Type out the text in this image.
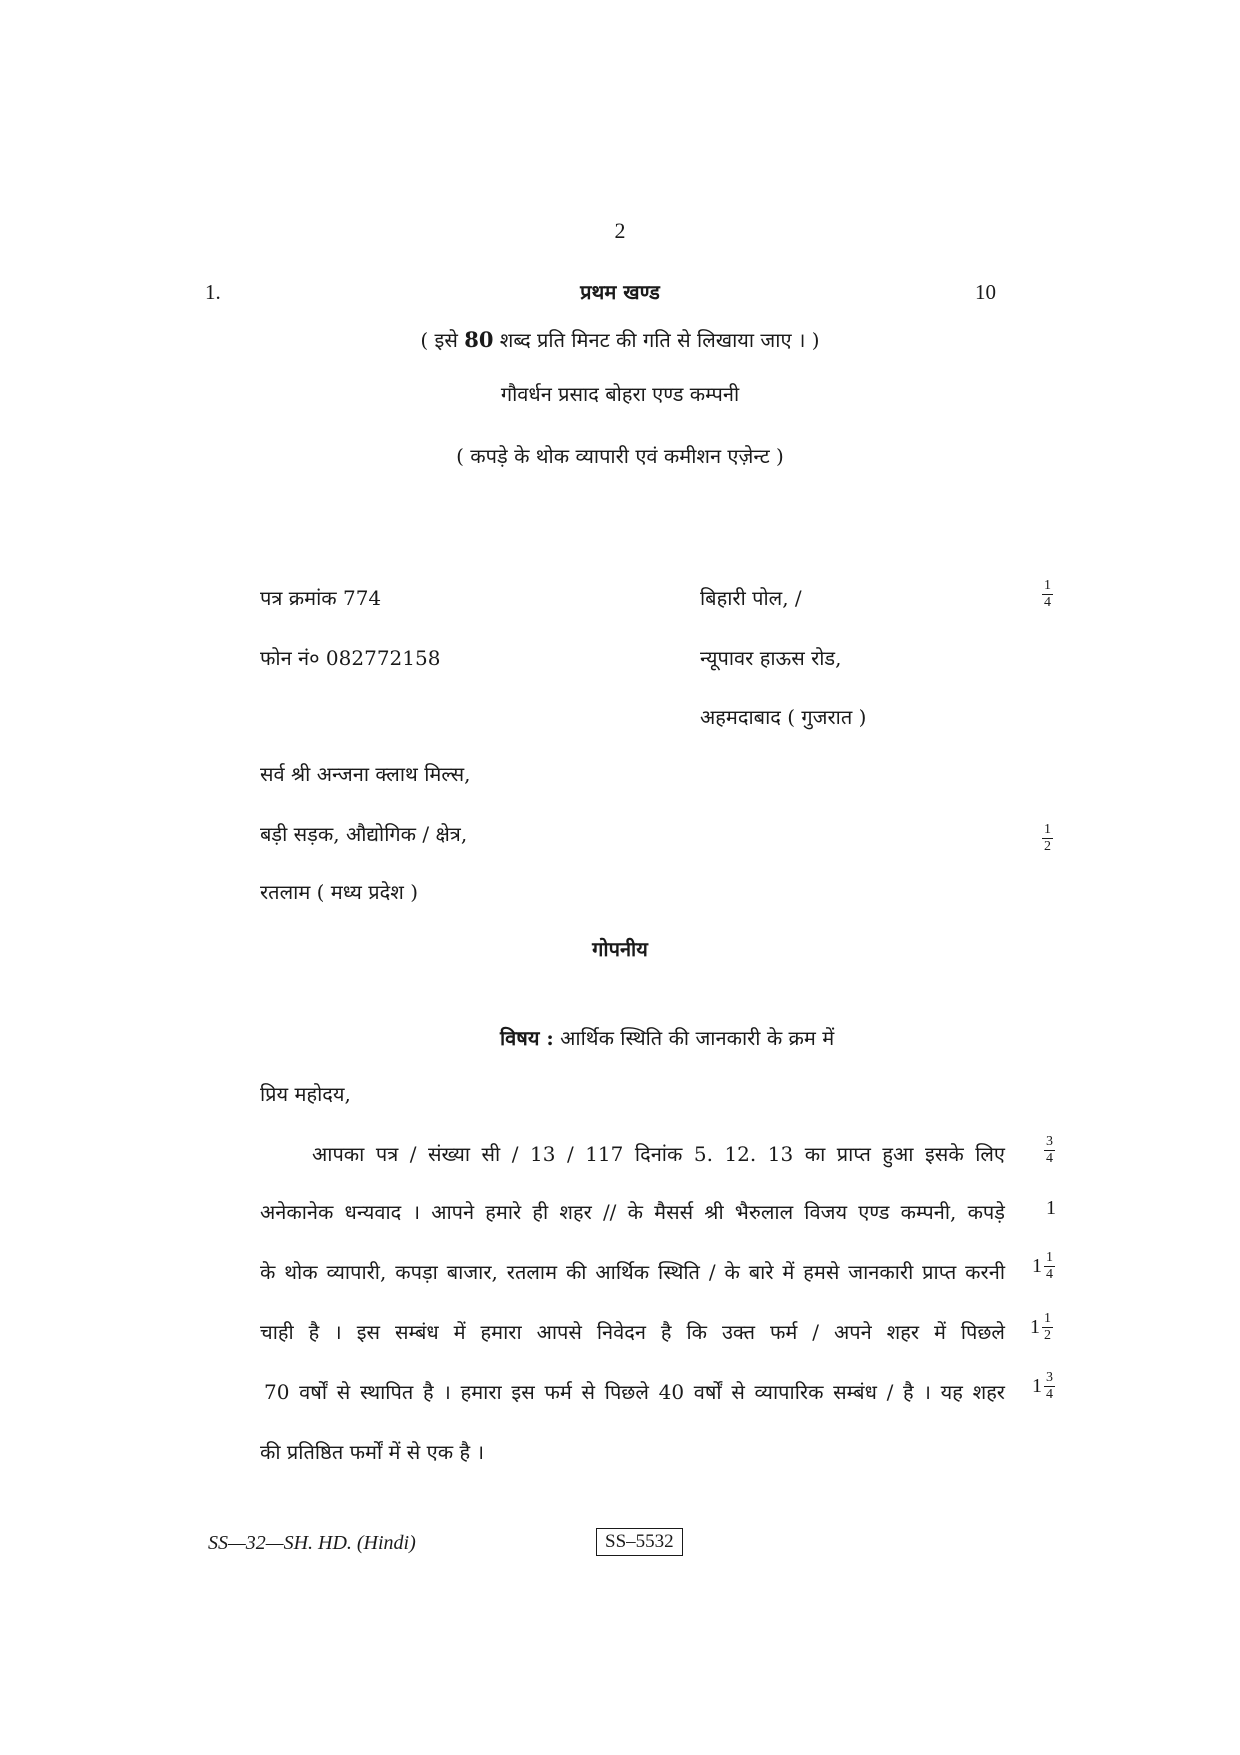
2
1.	प्रथम खण्ड	10
( इसे 80 शब्द प्रति मिनट की गति से लिखाया जाए । )
गौवर्धन प्रसाद बोहरा एण्ड कम्पनी
( कपड़े के थोक व्यापारी एवं कमीशन एज़ेन्ट )
पत्र क्रमांक 774	बिहारी पोल, /	$\frac{1}{4}$
फोन नं० 082772158	न्यूपावर हाऊस रोड,
अहमदाबाद ( गुजरात )
सर्व श्री अन्जना क्लाथ मिल्स,
बड़ी सड़क, औद्योगिक / क्षेत्र,	$\frac{1}{2}$
रतलाम ( मध्य प्रदेश )
गोपनीय
विषय : आर्थिक स्थिति की जानकारी के क्रम में
प्रिय महोदय,
आपका पत्र / संख्या सी / 13 / 117 दिनांक 5. 12. 13 का प्राप्त हुआ इसके लिए	$\frac{3}{4}$
अनेकानेक धन्यवाद । आपने हमारे ही शहर // के मैसर्स श्री भैरुलाल विजय एण्ड कम्पनी, कपड़े 1
के थोक व्यापारी, कपड़ा बाजार, रतलाम की आर्थिक स्थिति / के बारे में हमसे जानकारी प्राप्त करनी $1 \frac{1}{4}$
चाही है । इस सम्बंध में हमारा आपसे निवेदन है कि उक्त फर्म / अपने शहर में पिछले $1 \frac{1}{2}$
70 वर्षों से स्थापित है । हमारा इस फर्म से पिछले 40 वर्षों से व्यापारिक सम्बंध / है । यह शहर $1 \frac{3}{4}$
की प्रतिष्ठित फर्मों में से एक है ।
SS—32—SH. HD. (Hindi)	SS–5532
